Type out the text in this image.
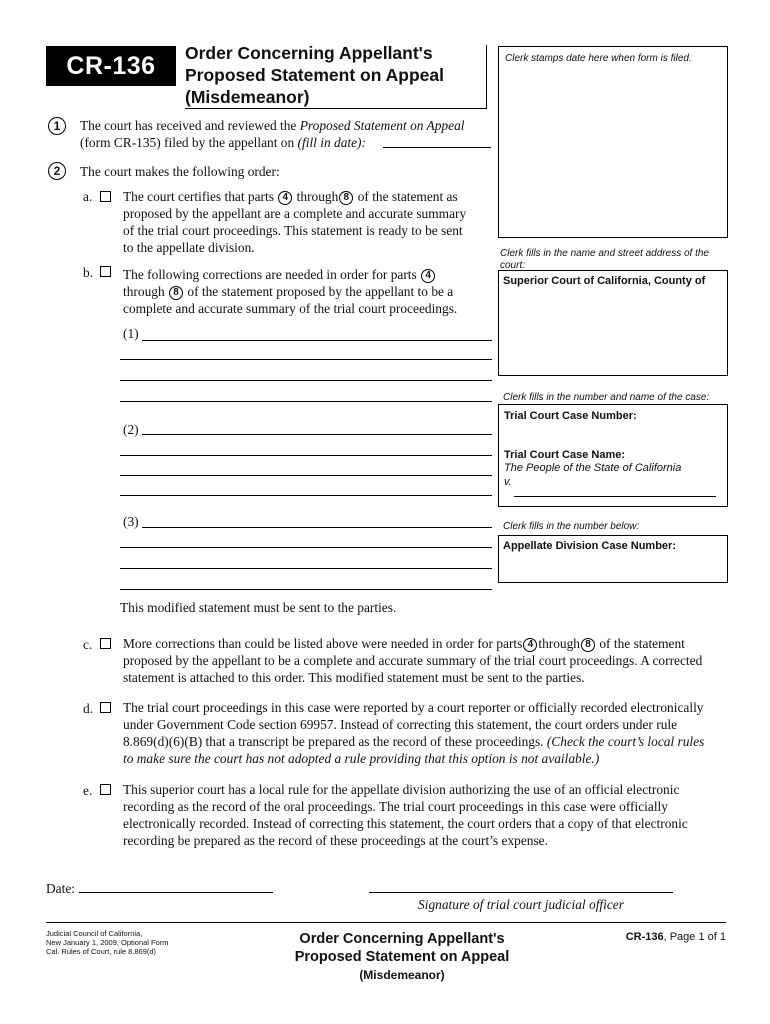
CR-136 Order Concerning Appellant's
Proposed Statement on Appeal
(Misdemeanor)
Clerk stamps date here when form is filed.
Clerk fills in the name and street address of the
court:
Superior Court of California, County of
Clerk fills in the number and name of the case:
Trial Court Case Number:
Trial Court Case Name:
The People of the State of California
v.
Clerk fills in the number below:
Appellate Division Case Number:
1 The court has received and reviewed the Proposed Statement on Appeal
(form CR-135) filed by the appellant on (fill in date):
2 The court makes the following order:
a. The court certifies that parts 4 through 8 of the statement as
proposed by the appellant are a complete and accurate summary
of the trial court proceedings. This statement is ready to be sent
to the appellate division.
b. The following corrections are needed in order for parts 4
through 8 of the statement proposed by the appellant to be a
complete and accurate summary of the trial court proceedings.
(1)
(2)
(3)
This modified statement must be sent to the parties.
c. More corrections than could be listed above were needed in order for parts 4 through 8 of the statement
proposed by the appellant to be a complete and accurate summary of the trial court proceedings. A corrected
statement is attached to this order. This modified statement must be sent to the parties.
d. The trial court proceedings in this case were reported by a court reporter or officially recorded electronically
under Government Code section 69957. Instead of correcting this statement, the court orders under rule
8.869(d)(6)(B) that a transcript be prepared as the record of these proceedings. (Check the court’s local rules
to make sure the court has not adopted a rule providing that this option is not available.)
e. This superior court has a local rule for the appellate division authorizing the use of an official electronic
recording as the record of the oral proceedings. The trial court proceedings in this case were officially
electronically recorded. Instead of correcting this statement, the court orders that a copy of that electronic
recording be prepared as the record of these proceedings at the court’s expense.
Date:
Signature of trial court judicial officer
Judicial Council of California,
New January 1, 2009, Optional Form
Cal. Rules of Court, rule 8.869(d)
Order Concerning Appellant's
Proposed Statement on Appeal
(Misdemeanor)
CR-136, Page 1 of 1
